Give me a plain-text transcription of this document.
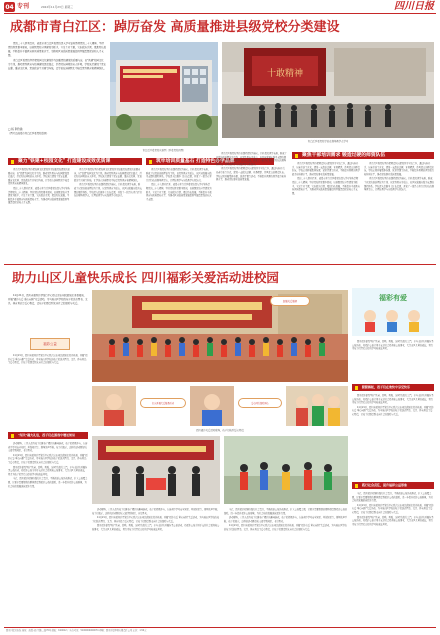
04 专刊	2022年11月23日 星期三	四川日报
成都市青白江区：踔厉奋发 高质量推进县级党校分类建设

党的二十大胜利召开，成都市青白江区委党校深入学习宣传贯彻党的二十大精神，坚持党校姓党根本原则，以县级党校分类建设为抓手，立足主业主课，突出政治引领，聚焦特色发展，不断提升干部教育培训质量和水平，为推动区域高质量发展提供坚强思想保证和人才支撑。

青白江区委党校坚持把校园文化建设作为加强党校建设的重要内容，以"铁建"校园文化为主线，推动党性教育与校园建设深度融合，打造特色鲜明的育人环境。学校先后建设了党史长廊、廉洁文化园、党员政治生日墙等阵地，让学员在潜移默化中接受党性教育和精神洗礼。

□ 杨 荆玲瑜
（图片由成都市青白江区委党校提供）
青白江区委党校实景图（区委党校供图）
十敢精神
青白江区委党校学员在现场教学点学习
聚力"铁建+校园文化" 打造建设成效优质课	筑牢培训质量基石 打造特色办学品牌
聚焦干部培训需求 锻造过硬的师资队伍

青白江区委党校坚持把校园文化建设作为加强党校建设的重要内容，以"铁建"校园文化为主线，推动党性教育与校园建设深度融合，打造特色鲜明的育人环境。学校先后建设了党史长廊、廉洁文化园、党员政治生日墙等阵地，让学员在潜移默化中接受党性教育和精神洗礼。

党的二十大胜利召开，成都市青白江区委党校深入学习宣传贯彻党的二十大精神，坚持党校姓党根本原则，以县级党校分类建设为抓手，立足主业主课，突出政治引领，聚焦特色发展，不断提升干部教育培训质量和水平，为推动区域高质量发展提供坚强思想保证和人才支撑。

青白江区委党校坚持把校园文化建设作为加强党校建设的重要内容，以"铁建"校园文化为主线，推动党性教育与校园建设深度融合，打造特色鲜明的育人环境。学校先后建设了党史长廊、廉洁文化园、党员政治生日墙等阵地，让学员在潜移默化中接受党性教育和精神洗礼。

青白江区委党校坚持以课程建设为核心，持续优化教学布局，形成了以党的创新理论为主线、以党性教育为重点、以区域发展实践为支撑的课程体系。学校深入挖掘本土红色资源，开发了一批具有青白江特色的现场教学点，让理论教学与实践教学有机结合。

青白江区委党校坚持以课程建设为核心，持续优化教学布局，形成了以党的创新理论为主线、以党性教育为重点、以区域发展实践为支撑的课程体系。学校深入挖掘本土红色资源，开发了一批具有青白江特色的现场教学点，让理论教学与实践教学有机结合。

党的二十大胜利召开，成都市青白江区委党校深入学习宣传贯彻党的二十大精神，坚持党校姓党根本原则，以县级党校分类建设为抓手，立足主业主课，突出政治引领，聚焦特色发展，不断提升干部教育培训质量和水平，为推动区域高质量发展提供坚强思想保证和人才支撑。

青白江区委党校坚持以课程建设为核心，持续优化教学布局，形成了以党的创新理论为主线、以党性教育为重点、以区域发展实践为支撑的课程体系。学校深入挖掘本土红色资源，开发了一批具有青白江特色的现场教学点，让理论教学与实践教学有机结合。

青白江区委党校坚持把师资队伍建设作为立校之本，通过内培外引、以老带新等方式，建设一支政治过硬、业务精湛、作风优良的师资队伍。学校定期开展集体备课、试讲评课等活动，不断提升教师的教学能力和科研水平，推动党校事业高质量发展。

青白江区委党校坚持把师资队伍建设作为立校之本，通过内培外引、以老带新等方式，建设一支政治过硬、业务精湛、作风优良的师资队伍。学校定期开展集体备课、试讲评课等活动，不断提升教师的教学能力和科研水平，推动党校事业高质量发展。

党的二十大胜利召开，成都市青白江区委党校深入学习宣传贯彻党的二十大精神，坚持党校姓党根本原则，以县级党校分类建设为抓手，立足主业主课，突出政治引领，聚焦特色发展，不断提升干部教育培训质量和水平，为推动区域高质量发展提供坚强思想保证和人才支撑。

青白江区委党校坚持把师资队伍建设作为立校之本，通过内培外引、以老带新等方式，建设一支政治过硬、业务精湛、作风优良的师资队伍。学校定期开展集体备课、试讲评课等活动，不断提升教师的教学能力和科研水平，推动党校事业高质量发展。

青白江区委党校坚持以课程建设为核心，持续优化教学布局，形成了以党的创新理论为主线、以党性教育为重点、以区域发展实践为支撑的课程体系。学校深入挖掘本土红色资源，开发了一批具有青白江特色的现场教学点，让理论教学与实践教学有机结合。

助力山区儿童快乐成长 四川福彩关爱活动进校园

11月21日，四川省福利彩票发行中心联合凉山州民政局走进普格县，开展"福彩有爱 童心向阳"关爱活动，为当地山区学校的孩子们送去图书、文具、体育用品等爱心物资，让孩子们感受到来自社会的温暖与关爱。

福彩公益

11月21日，四川省福利彩票发行中心联合凉山州民政局走进普格县，开展"福彩有爱 童心向阳"关爱活动，为当地山区学校的孩子们送去图书、文具、体育用品等爱心物资，让孩子们感受到来自社会的温暖与关爱。

加强关爱服务	福彩有爱

四川福彩始终坚持"扶老、助残、救孤、济困"的发行宗旨，多年来持续开展各类公益活动，将福彩公益金用于支持社会福利和公益事业，关注山区儿童的成长，努力为孩子们营造良好的学习和成长环境。

扎实开展关爱服务活动	爱心同行温暖同心
四川福彩关爱活动现场，孩子们收到爱心物资
默默耕耘，孩子们在欢快中享受快乐

四川福彩始终坚持"扶老、助残、救孤、济困"的发行宗旨，多年来持续开展各类公益活动，将福彩公益金用于支持社会福利和公益事业，关注山区儿童的成长，努力为孩子们营造良好的学习和成长环境。

11月21日，四川省福利彩票发行中心联合凉山州民政局走进普格县，开展"福彩有爱 童心向阳"关爱活动，为当地山区学校的孩子们送去图书、文具、体育用品等爱心物资，让孩子们感受到来自社会的温暖与关爱。

"闯关"趣大礼包，孩子们在游戏中增长知识

活动现场，工作人员为孩子们准备了精彩的趣味游戏，孩子们积极参与，在游戏中学习安全知识、环保知识等，现场笑声不断。孩子们表示，这样的活动既好玩又能学到知识，非常喜欢。

11月21日，四川省福利彩票发行中心联合凉山州民政局走进普格县，开展"福彩有爱 童心向阳"关爱活动，为当地山区学校的孩子们送去图书、文具、体育用品等爱心物资，让孩子们感受到来自社会的温暖与关爱。

四川福彩始终坚持"扶老、助残、救孤、济困"的发行宗旨，多年来持续开展各类公益活动，将福彩公益金用于支持社会福利和公益事业，关注山区儿童的成长，努力为孩子们营造良好的学习和成长环境。

今后，四川福彩将继续践行社会责任，不断创新公益活动形式，扩大公益覆盖面，让更多需要帮助的群体感受到福彩公益的温暖，进一步提升福彩公益形象，为社会和谐发展贡献福彩力量。

活动现场，工作人员为孩子们准备了精彩的趣味游戏，孩子们积极参与，在游戏中学习安全知识、环保知识等，现场笑声不断。孩子们表示，这样的活动既好玩又能学到知识，非常喜欢。

11月21日，四川省福利彩票发行中心联合凉山州民政局走进普格县，开展"福彩有爱 童心向阳"关爱活动，为当地山区学校的孩子们送去图书、文具、体育用品等爱心物资，让孩子们感受到来自社会的温暖与关爱。

四川福彩始终坚持"扶老、助残、救孤、济困"的发行宗旨，多年来持续开展各类公益活动，将福彩公益金用于支持社会福利和公益事业，关注山区儿童的成长，努力为孩子们营造良好的学习和成长环境。

今后，四川福彩将继续践行社会责任，不断创新公益活动形式，扩大公益覆盖面，让更多需要帮助的群体感受到福彩公益的温暖，进一步提升福彩公益形象，为社会和谐发展贡献福彩力量。

活动现场，工作人员为孩子们准备了精彩的趣味游戏，孩子们积极参与，在游戏中学习安全知识、环保知识等，现场笑声不断。孩子们表示，这样的活动既好玩又能学到知识，非常喜欢。

11月21日，四川省福利彩票发行中心联合凉山州民政局走进普格县，开展"福彩有爱 童心向阳"关爱活动，为当地山区学校的孩子们送去图书、文具、体育用品等爱心物资，让孩子们感受到来自社会的温暖与关爱。

践行社会责任，提升福彩公益形象

今后，四川福彩将继续践行社会责任，不断创新公益活动形式，扩大公益覆盖面，让更多需要帮助的群体感受到福彩公益的温暖，进一步提升福彩公益形象，为社会和谐发展贡献福彩力量。

11月21日，四川省福利彩票发行中心联合凉山州民政局走进普格县，开展"福彩有爱 童心向阳"关爱活动，为当地山区学校的孩子们送去图书、文具、体育用品等爱心物资，让孩子们感受到来自社会的温暖与关爱。

四川福彩始终坚持"扶老、助残、救孤、济困"的发行宗旨，多年来持续开展各类公益活动，将福彩公益金用于支持社会福利和公益事业，关注山区儿童的成长，努力为孩子们营造良好的学习和成长环境。

四川日报社出版 地址：成都市红星路二段70号 邮编：610012 广告许可证：5100004000074 印刷：四川日报印务有限责任公司 定价：1.50元
